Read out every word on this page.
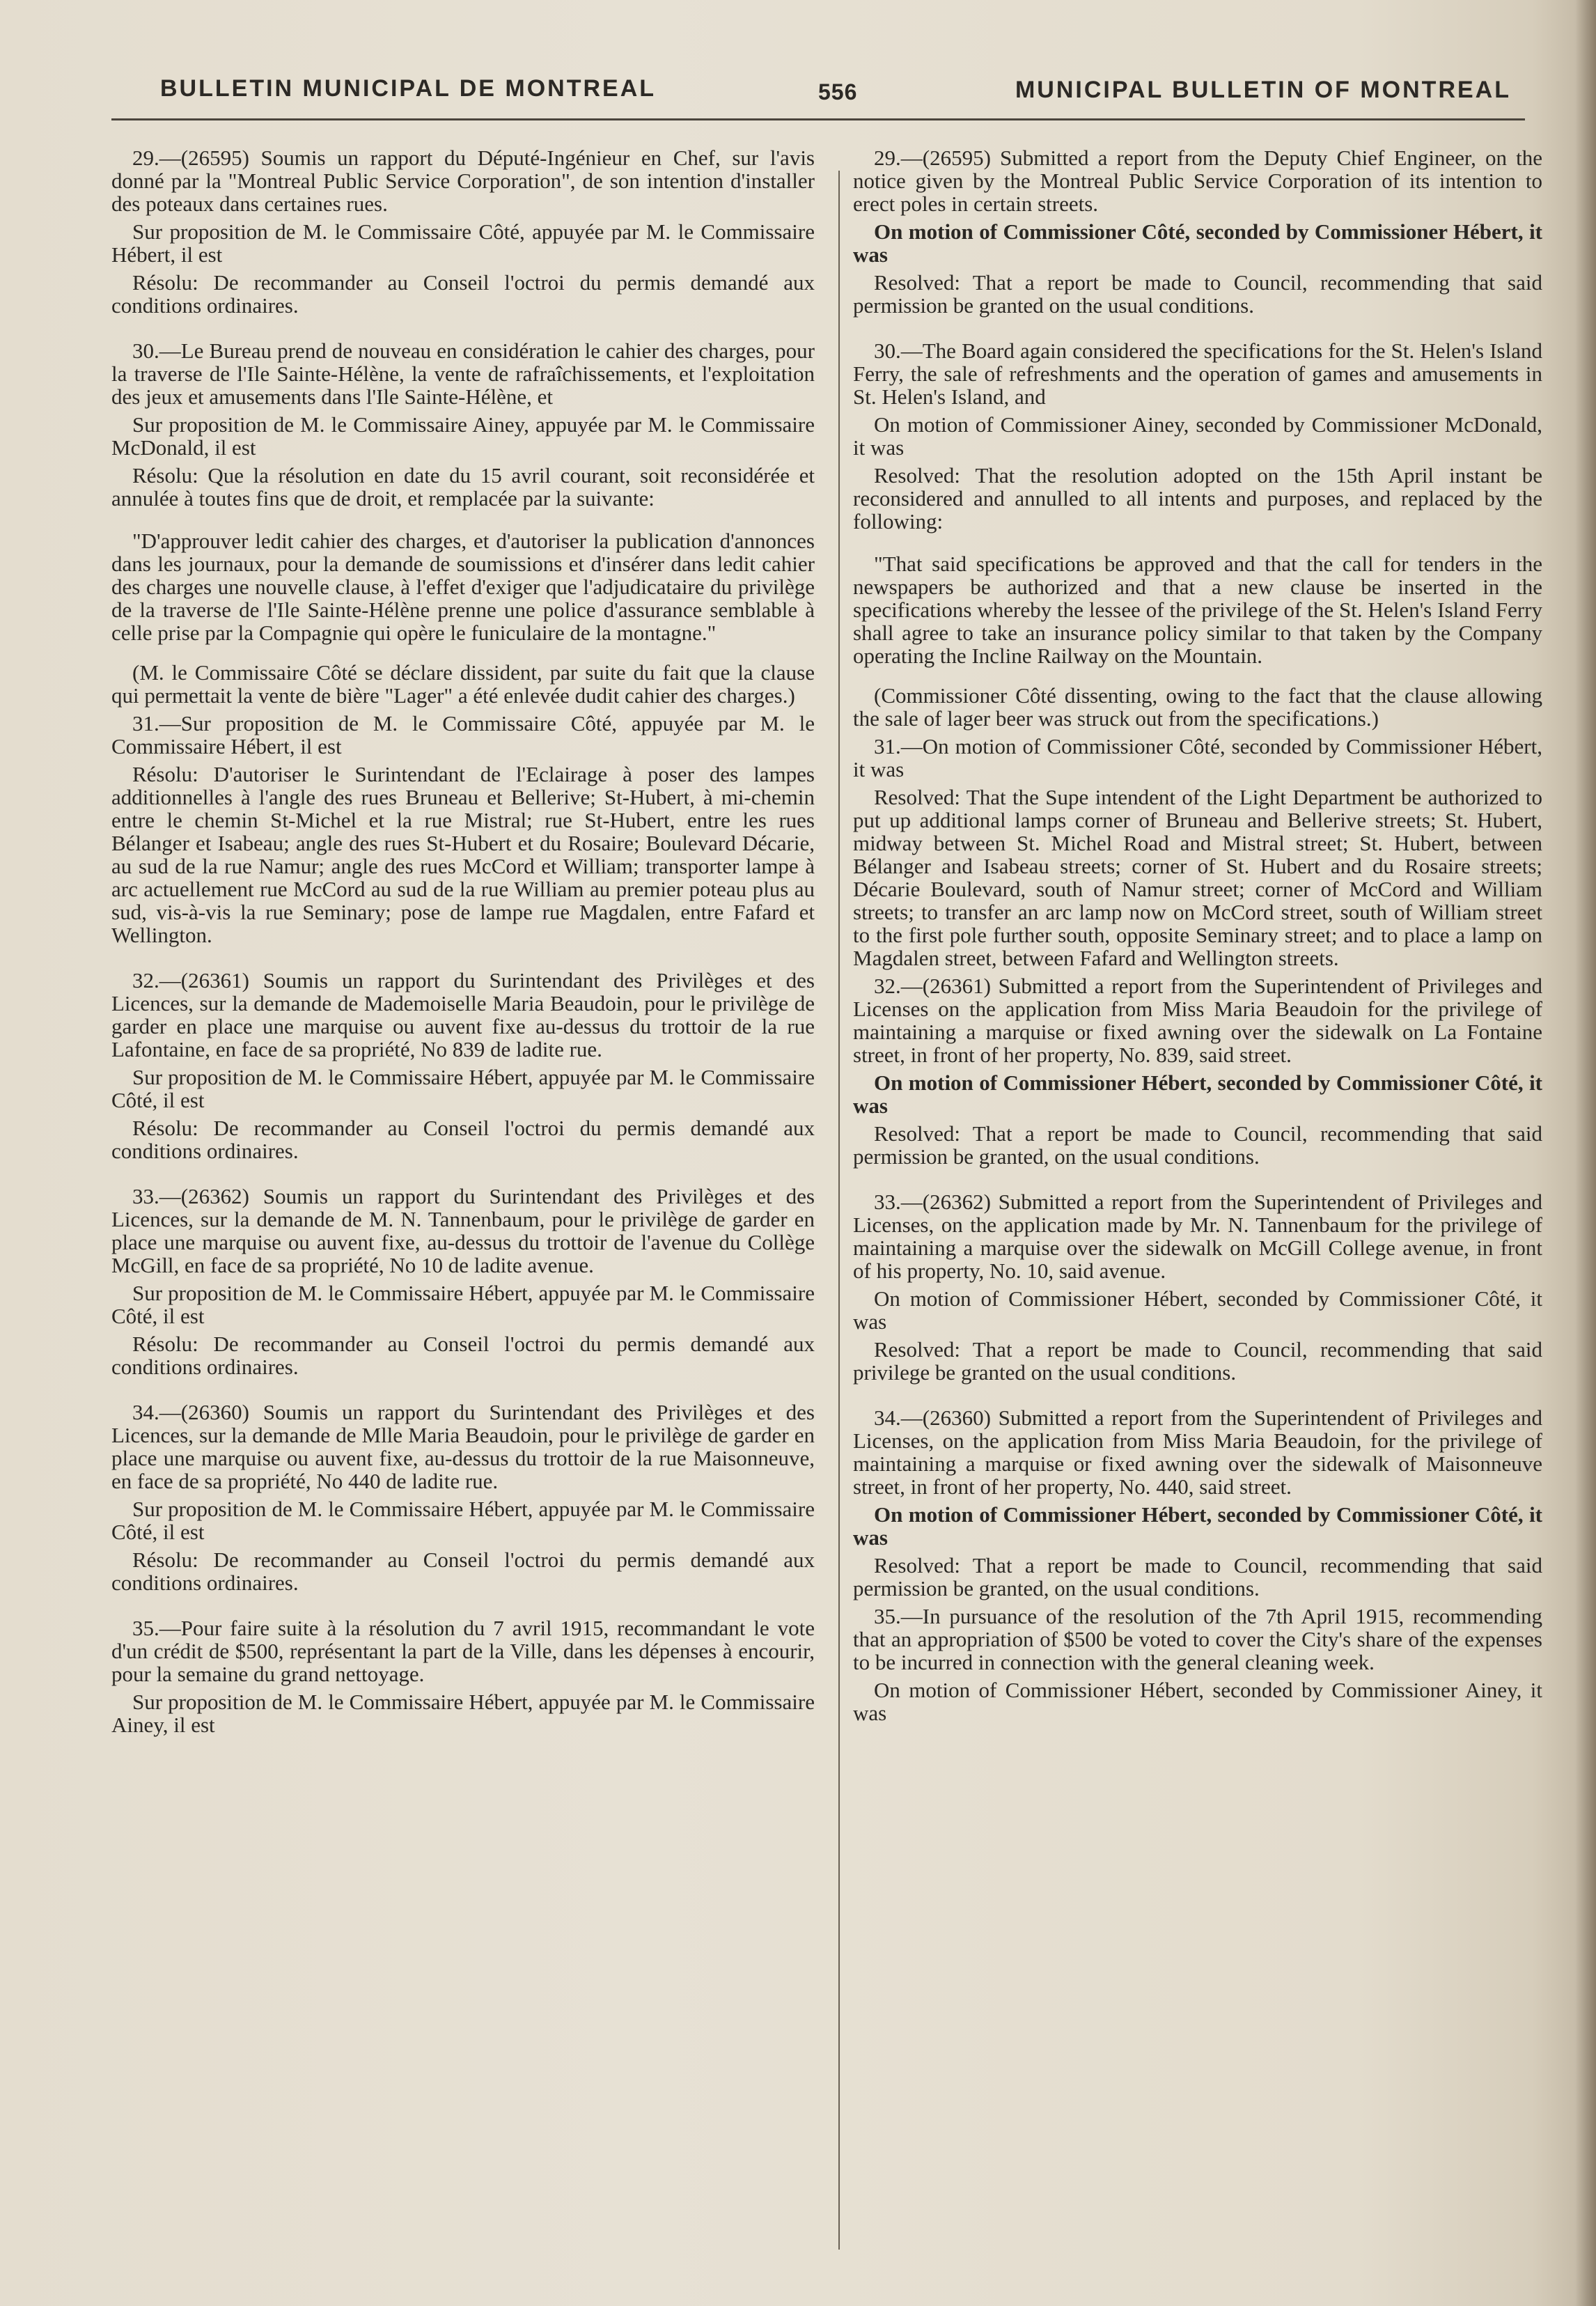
BULLETIN MUNICIPAL DE MONTREAL	556	MUNICIPAL BULLETIN OF MONTREAL

29.—(26595) Soumis un rapport du Député-Ingénieur en Chef, sur l'avis donné par la "Montreal Public Service Corporation", de son intention d'installer des poteaux dans certaines rues.

Sur proposition de M. le Commissaire Côté, appuyée par M. le Commissaire Hébert, il est

Résolu: De recommander au Conseil l'octroi du permis demandé aux conditions ordinaires.

30.—Le Bureau prend de nouveau en considération le cahier des charges, pour la traverse de l'Ile Sainte-Hélène, la vente de rafraîchissements, et l'exploitation des jeux et amusements dans l'Ile Sainte-Hélène, et

Sur proposition de M. le Commissaire Ainey, appuyée par M. le Commissaire McDonald, il est

Résolu: Que la résolution en date du 15 avril courant, soit reconsidérée et annulée à toutes fins que de droit, et remplacée par la suivante:

"D'approuver ledit cahier des charges, et d'autoriser la publication d'annonces dans les journaux, pour la demande de soumissions et d'insérer dans ledit cahier des charges une nouvelle clause, à l'effet d'exiger que l'adjudicataire du privilège de la traverse de l'Ile Sainte-Hélène prenne une police d'assurance semblable à celle prise par la Compagnie qui opère le funiculaire de la montagne."

(M. le Commissaire Côté se déclare dissident, par suite du fait que la clause qui permettait la vente de bière "Lager" a été enlevée dudit cahier des charges.)

31.—Sur proposition de M. le Commissaire Côté, appuyée par M. le Commissaire Hébert, il est

Résolu: D'autoriser le Surintendant de l'Eclairage à poser des lampes additionnelles à l'angle des rues Bruneau et Bellerive; St-Hubert, à mi-chemin entre le chemin St-Michel et la rue Mistral; rue St-Hubert, entre les rues Bélanger et Isabeau; angle des rues St-Hubert et du Rosaire; Boulevard Décarie, au sud de la rue Namur; angle des rues McCord et William; transporter lampe à arc actuellement rue McCord au sud de la rue William au premier poteau plus au sud, vis-à-vis la rue Seminary; pose de lampe rue Magdalen, entre Fafard et Wellington.

32.—(26361) Soumis un rapport du Surintendant des Privilèges et des Licences, sur la demande de Mademoiselle Maria Beaudoin, pour le privilège de garder en place une marquise ou auvent fixe au-dessus du trottoir de la rue Lafontaine, en face de sa propriété, No 839 de ladite rue.

Sur proposition de M. le Commissaire Hébert, appuyée par M. le Commissaire Côté, il est

Résolu: De recommander au Conseil l'octroi du permis demandé aux conditions ordinaires.

33.—(26362) Soumis un rapport du Surintendant des Privilèges et des Licences, sur la demande de M. N. Tannenbaum, pour le privilège de garder en place une marquise ou auvent fixe, au-dessus du trottoir de l'avenue du Collège McGill, en face de sa propriété, No 10 de ladite avenue.

Sur proposition de M. le Commissaire Hébert, appuyée par M. le Commissaire Côté, il est

Résolu: De recommander au Conseil l'octroi du permis demandé aux conditions ordinaires.

34.—(26360) Soumis un rapport du Surintendant des Privilèges et des Licences, sur la demande de Mlle Maria Beaudoin, pour le privilège de garder en place une marquise ou auvent fixe, au-dessus du trottoir de la rue Maisonneuve, en face de sa propriété, No 440 de ladite rue.

Sur proposition de M. le Commissaire Hébert, appuyée par M. le Commissaire Côté, il est

Résolu: De recommander au Conseil l'octroi du permis demandé aux conditions ordinaires.

35.—Pour faire suite à la résolution du 7 avril 1915, recommandant le vote d'un crédit de $500, représentant la part de la Ville, dans les dépenses à encourir, pour la semaine du grand nettoyage.

Sur proposition de M. le Commissaire Hébert, appuyée par M. le Commissaire Ainey, il est

29.—(26595) Submitted a report from the Deputy Chief Engineer, on the notice given by the Montreal Public Service Corporation of its intention to erect poles in certain streets.

On motion of Commissioner Côté, seconded by Commissioner Hébert, it was

Resolved: That a report be made to Council, recommending that said permission be granted on the usual conditions.

30.—The Board again considered the specifications for the St. Helen's Island Ferry, the sale of refreshments and the operation of games and amusements in St. Helen's Island, and

On motion of Commissioner Ainey, seconded by Commissioner McDonald, it was

Resolved: That the resolution adopted on the 15th April instant be reconsidered and annulled to all intents and purposes, and replaced by the following:

"That said specifications be approved and that the call for tenders in the newspapers be authorized and that a new clause be inserted in the specifications whereby the lessee of the privilege of the St. Helen's Island Ferry shall agree to take an insurance policy similar to that taken by the Company operating the Incline Railway on the Mountain.

(Commissioner Côté dissenting, owing to the fact that the clause allowing the sale of lager beer was struck out from the specifications.)

31.—On motion of Commissioner Côté, seconded by Commissioner Hébert, it was

Resolved: That the Supe intendent of the Light Department be authorized to put up additional lamps corner of Bruneau and Bellerive streets; St. Hubert, midway between St. Michel Road and Mistral street; St. Hubert, between Bélanger and Isabeau streets; corner of St. Hubert and du Rosaire streets; Décarie Boulevard, south of Namur street; corner of McCord and William streets; to transfer an arc lamp now on McCord street, south of William street to the first pole further south, opposite Seminary street; and to place a lamp on Magdalen street, between Fafard and Wellington streets.

32.—(26361) Submitted a report from the Superintendent of Privileges and Licenses on the application from Miss Maria Beaudoin for the privilege of maintaining a marquise or fixed awning over the sidewalk on La Fontaine street, in front of her property, No. 839, said street.

On motion of Commissioner Hébert, seconded by Commissioner Côté, it was

Resolved: That a report be made to Council, recommending that said permission be granted, on the usual conditions.

33.—(26362) Submitted a report from the Superintendent of Privileges and Licenses, on the application made by Mr. N. Tannenbaum for the privilege of maintaining a marquise over the sidewalk on McGill College avenue, in front of his property, No. 10, said avenue.

On motion of Commissioner Hébert, seconded by Commissioner Côté, it was

Resolved: That a report be made to Council, recommending that said privilege be granted on the usual conditions.

34.—(26360) Submitted a report from the Superintendent of Privileges and Licenses, on the application from Miss Maria Beaudoin, for the privilege of maintaining a marquise or fixed awning over the sidewalk of Maisonneuve street, in front of her property, No. 440, said street.

On motion of Commissioner Hébert, seconded by Commissioner Côté, it was

Resolved: That a report be made to Council, recommending that said permission be granted, on the usual conditions.

35.—In pursuance of the resolution of the 7th April 1915, recommending that an appropriation of $500 be voted to cover the City's share of the expenses to be incurred in connection with the general cleaning week.

On motion of Commissioner Hébert, seconded by Commissioner Ainey, it was
